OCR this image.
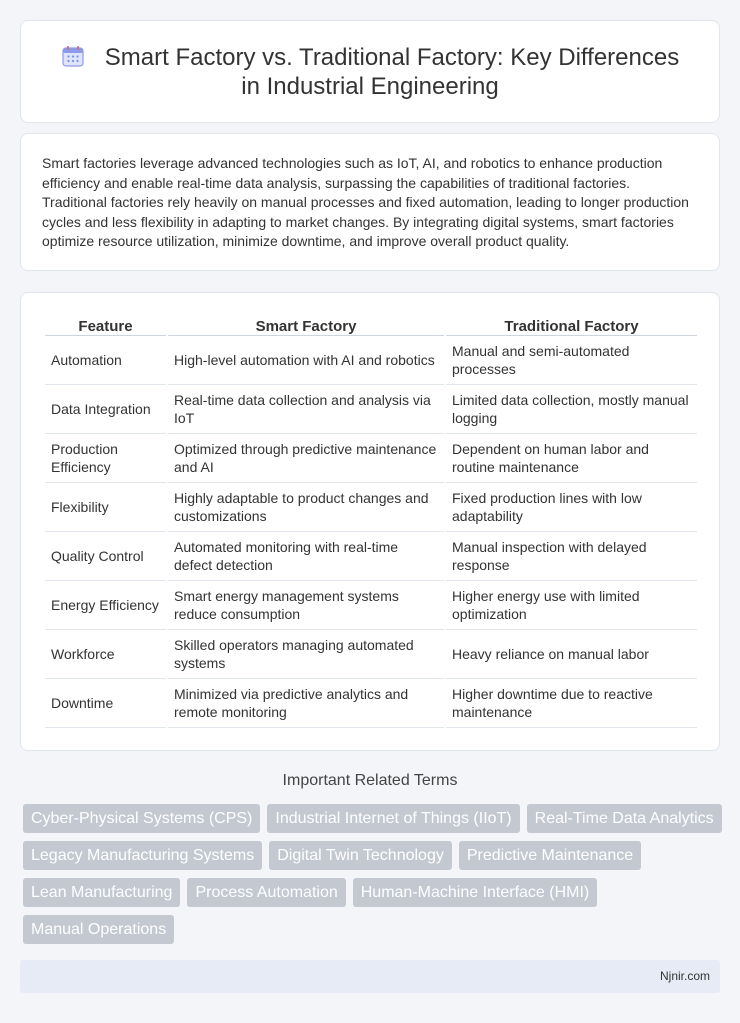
Smart Factory vs. Traditional Factory: Key Differences in Industrial Engineering

Smart factories leverage advanced technologies such as IoT, AI, and robotics to enhance production efficiency and enable real-time data analysis, surpassing the capabilities of traditional factories. Traditional factories rely heavily on manual processes and fixed automation, leading to longer production cycles and less flexibility in adapting to market changes. By integrating digital systems, smart factories optimize resource utilization, minimize downtime, and improve overall product quality.

Feature	Smart Factory	Traditional Factory
Automation	High-level automation with AI and robotics	Manual and semi-automated processes
Data Integration	Real-time data collection and analysis via IoT	Limited data collection, mostly manual logging
Production Efficiency	Optimized through predictive maintenance and AI	Dependent on human labor and routine maintenance
Flexibility	Highly adaptable to product changes and customizations	Fixed production lines with low adaptability
Quality Control	Automated monitoring with real-time defect detection	Manual inspection with delayed response
Energy Efficiency	Smart energy management systems reduce consumption	Higher energy use with limited optimization
Workforce	Skilled operators managing automated systems	Heavy reliance on manual labor
Downtime	Minimized via predictive analytics and remote monitoring	Higher downtime due to reactive maintenance
Important Related Terms
Cyber-Physical Systems (CPS)	Industrial Internet of Things (IIoT)	Real-Time Data Analytics
Legacy Manufacturing Systems	Digital Twin Technology	Predictive Maintenance
Lean Manufacturing	Process Automation	Human-Machine Interface (HMI)
Manual Operations
Njnir.com
